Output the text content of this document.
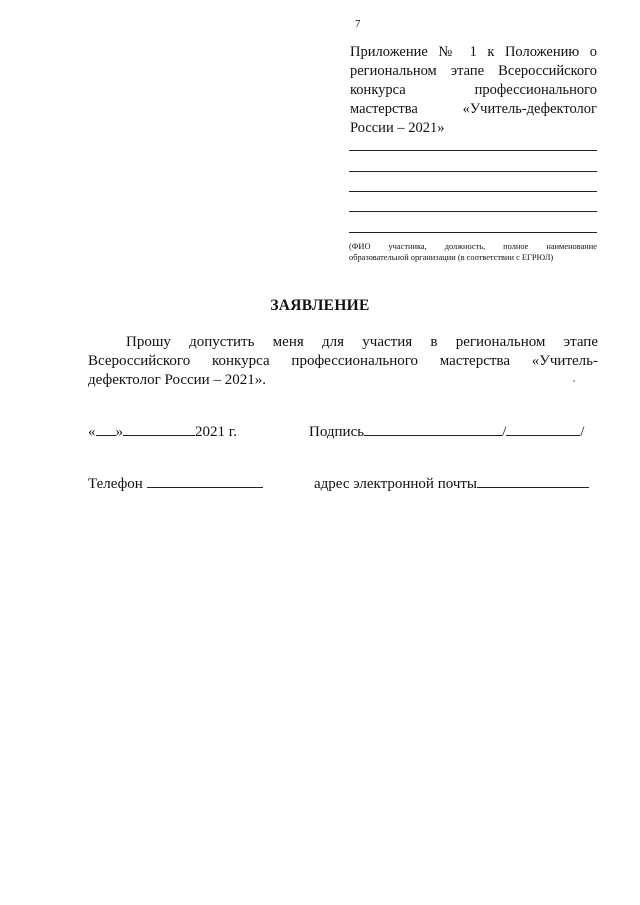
7
Приложение № 1 к Положению о
региональном этапе Всероссийского
конкурса профессионального
мастерства «Учитель-дефектолог
России – 2021»
(ФИО участника, должность, полное наименование
образовательной организации (в соответствии с ЕГРЮЛ)
ЗАЯВЛЕНИЕ
Прошу допустить меня для участия в региональном этапе
Всероссийского конкурса профессионального мастерства «Учитель-
дефектолог России – 2021».
« »	2021 г.	Подпись	/	/
Телефон	адрес электронной почты
